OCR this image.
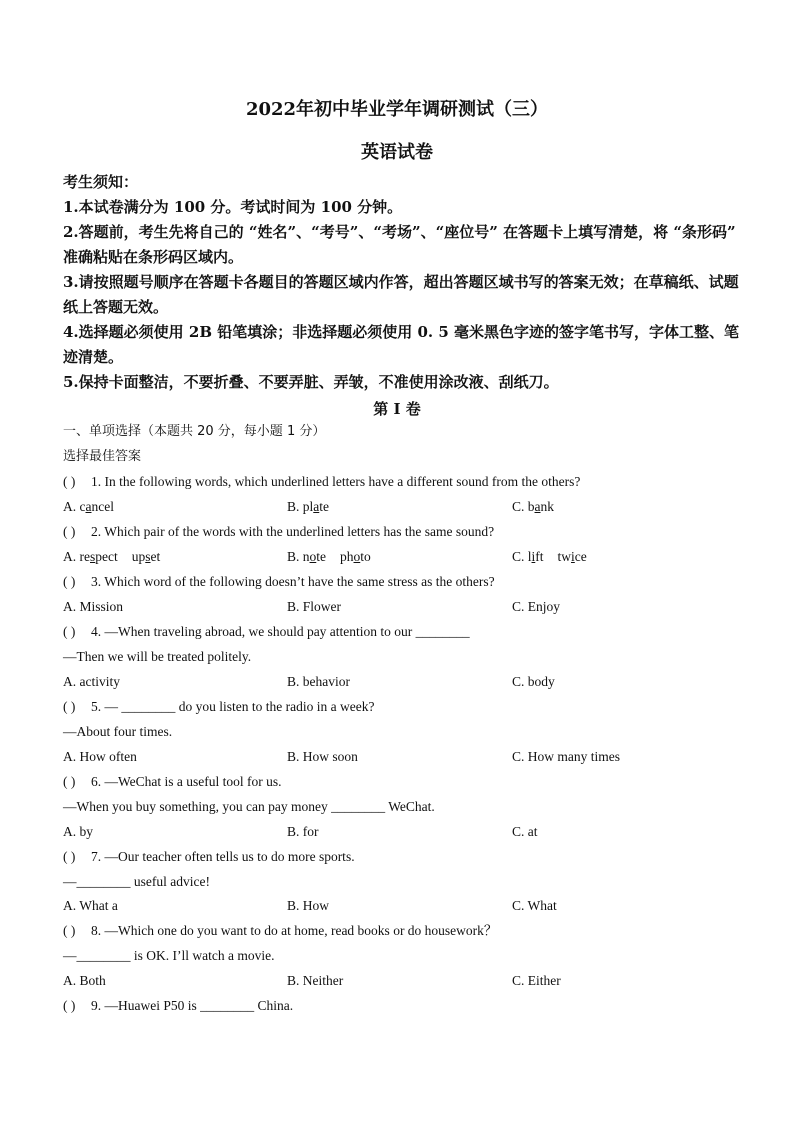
2022年初中毕业学年调研测试（三）
英语试卷
考生须知：
1.本试卷满分为 100 分。考试时间为 100 分钟。
2.答题前，考生先将自己的 “姓名”、“考号”、“考场”、“座位号” 在答题卡上填写清楚，将 “条形码” 准确粘贴在条形码区域内。
3.请按照题号顺序在答题卡各题目的答题区域内作答，超出答题区域书写的答案无效；在草稿纸、试题纸上答题无效。
4.选择题必须使用 2B 铅笔填涂；非选择题必须使用 0. 5 毫米黑色字迹的签字笔书写，字体工整、笔迹清楚。
5.保持卡面整洁，不要折叠、不要弄脏、弄皱，不准使用涂改液、刮纸刀。
第 I 卷
一、单项选择（本题共 20 分，每小题 1 分）
选择最佳答案
( ) 1. In the following words, which underlined letters have a different sound from the others?
A. cancel	B. plate	C. bank
( ) 2. Which pair of the words with the underlined letters has the same sound?
A. respect upset	B. note photo	C. lift twice
( ) 3. Which word of the following doesn’t have the same stress as the others?
A. Mission	B. Flower	C. Enjoy
( ) 4. —When traveling abroad, we should pay attention to our ________
—Then we will be treated politely.
A. activity	B. behavior	C. body
( ) 5. — ________ do you listen to the radio in a week?
—About four times.
A. How often	B. How soon	C. How many times
( ) 6. —WeChat is a useful tool for us.
—When you buy something, you can pay money ________ WeChat.
A. by	B. for	C. at
( ) 7. —Our teacher often tells us to do more sports.
—________ useful advice!
A. What a	B. How	C. What
( ) 8. —Which one do you want to do at home, read books or do housework？
—________ is OK. I’ll watch a movie.
A. Both	B. Neither	C. Either
( ) 9. —Huawei P50 is ________ China.
